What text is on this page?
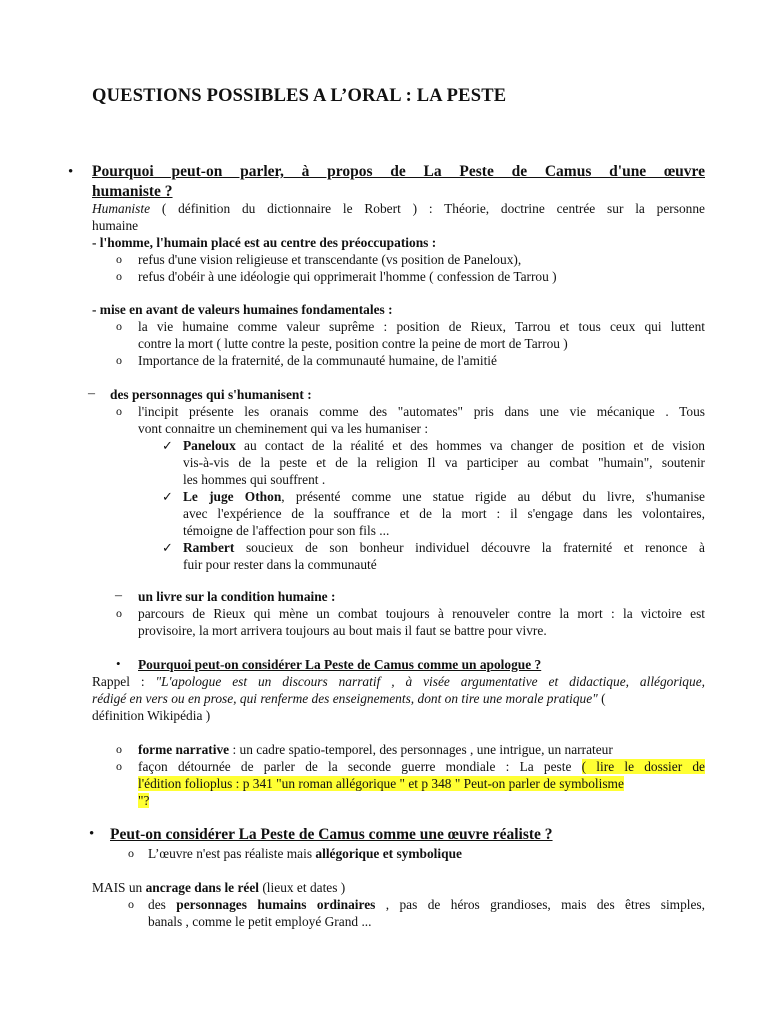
QUESTIONS POSSIBLES A L’ORAL : LA PESTE
• Pourquoi peut-on parler, à propos de La Peste de Camus d'une œuvre
humaniste ?
Humaniste ( définition du dictionnaire le Robert ) : Théorie, doctrine centrée sur la personne
humaine
- l'homme, l'humain placé est au centre des préoccupations :
o refus d'une vision religieuse et transcendante (vs position de Paneloux),
o refus d'obéir à une idéologie qui opprimerait l'homme ( confession de Tarrou )
- mise en avant de valeurs humaines fondamentales :
o la vie humaine comme valeur suprême : position de Rieux, Tarrou et tous ceux qui luttent
contre la mort ( lutte contre la peste, position contre la peine de mort de Tarrou )
o Importance de la fraternité, de la communauté humaine, de l'amitié
– des personnages qui s'humanisent :
o l'incipit présente les oranais comme des "automates" pris dans une vie mécanique . Tous
vont connaitre un cheminement qui va les humaniser :
✓ Paneloux au contact de la réalité et des hommes va changer de position et de vision
vis-à-vis de la peste et de la religion Il va participer au combat "humain", soutenir
les hommes qui souffrent .
✓ Le juge Othon, présenté comme une statue rigide au début du livre, s'humanise
avec l'expérience de la souffrance et de la mort : il s'engage dans les volontaires,
témoigne de l'affection pour son fils ...
✓ Rambert soucieux de son bonheur individuel découvre la fraternité et renonce à
fuir pour rester dans la communauté
– un livre sur la condition humaine :
o parcours de Rieux qui mène un combat toujours à renouveler contre la mort : la victoire est
provisoire, la mort arrivera toujours au bout mais il faut se battre pour vivre.
• Pourquoi peut-on considérer La Peste de Camus comme un apologue ?
Rappel : "L'apologue est un discours narratif , à visée argumentative et didactique, allégorique,
rédigé en vers ou en prose, qui renferme des enseignements, dont on tire une morale pratique" (
définition Wikipédia )
o forme narrative : un cadre spatio-temporel, des personnages , une intrigue, un narrateur
o façon détournée de parler de la seconde guerre mondiale : La peste ( lire le dossier de
l'édition folioplus : p 341 "un roman allégorique " et p 348 " Peut-on parler de symbolisme
"?
• Peut-on considérer La Peste de Camus comme une œuvre réaliste ?
o L’œuvre n'est pas réaliste mais allégorique et symbolique
MAIS un ancrage dans le réel (lieux et dates )
o des personnages humains ordinaires , pas de héros grandioses, mais des êtres simples,
banals , comme le petit employé Grand ...
